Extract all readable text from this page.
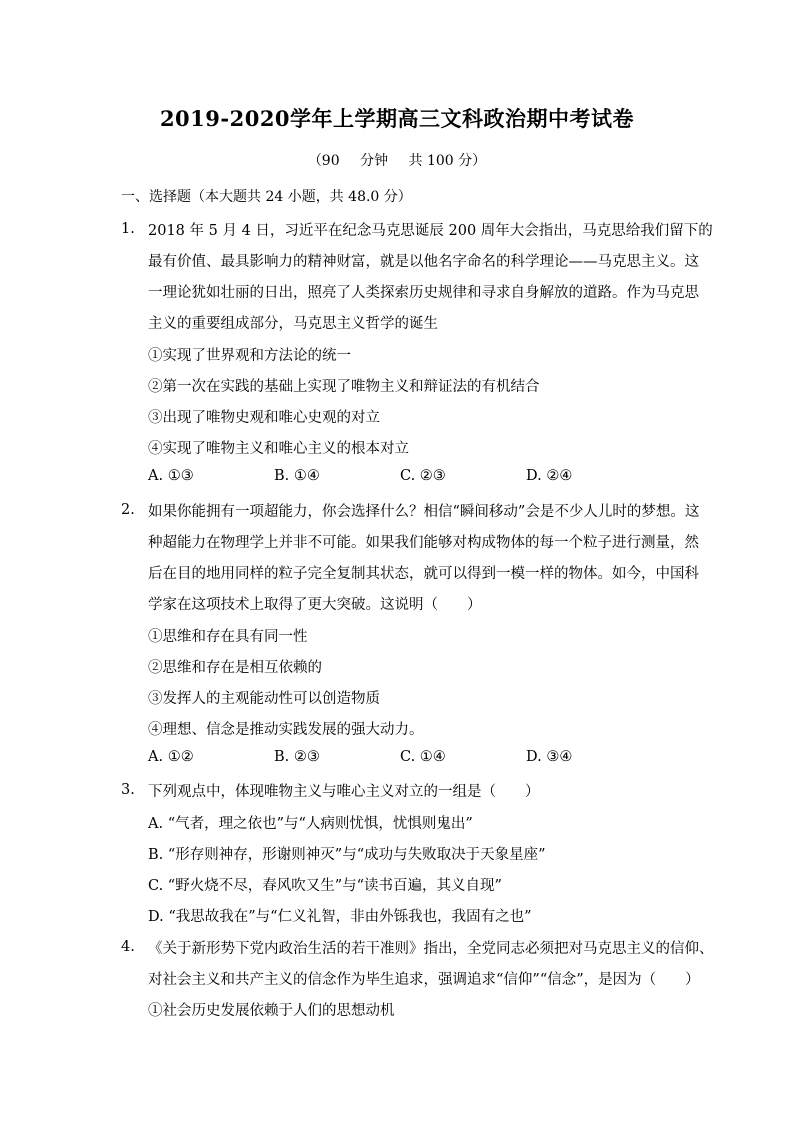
2019-2020学年上学期高三文科政治期中考试卷
（90 分钟 共 100 分）
一、选择题（本大题共 24 小题，共 48.0 分）
1. 2018 年 5 月 4 日，习近平在纪念马克思诞辰 200 周年大会指出，马克思给我们留下的
最有价值、最具影响力的精神财富，就是以他名字命名的科学理论——马克思主义。这
一理论犹如壮丽的日出，照亮了人类探索历史规律和寻求自身解放的道路。作为马克思
主义的重要组成部分，马克思主义哲学的诞生
①实现了世界观和方法论的统一
②第一次在实践的基础上实现了唯物主义和辩证法的有机结合
③出现了唯物史观和唯心史观的对立
④实现了唯物主义和唯心主义的根本对立
A. ①③	B. ①④	C. ②③	D. ②④
2. 如果你能拥有一项超能力，你会选择什么？相信“瞬间移动”会是不少人儿时的梦想。这
种超能力在物理学上并非不可能。如果我们能够对构成物体的每一个粒子进行测量，然
后在目的地用同样的粒子完全复制其状态，就可以得到一模一样的物体。如今，中国科
学家在这项技术上取得了更大突破。这说明（　　）
①思维和存在具有同一性
②思维和存在是相互依赖的
③发挥人的主观能动性可以创造物质
④理想、信念是推动实践发展的强大动力。
A. ①②	B. ②③	C. ①④	D. ③④
3. 下列观点中，体现唯物主义与唯心主义对立的一组是（　　）
A. “气者，理之依也”与“人病则忧惧，忧惧则鬼出”
B. “形存则神存，形谢则神灭”与“成功与失败取决于天象星座”
C. “野火烧不尽，春风吹又生”与“读书百遍，其义自现”
D. “我思故我在”与“仁义礼智，非由外铄我也，我固有之也”
4. 《关于新形势下党内政治生活的若干准则》指出，全党同志必须把对马克思主义的信仰、
对社会主义和共产主义的信念作为毕生追求，强调追求“信仰”“信念”，是因为（　　）
①社会历史发展依赖于人们的思想动机
